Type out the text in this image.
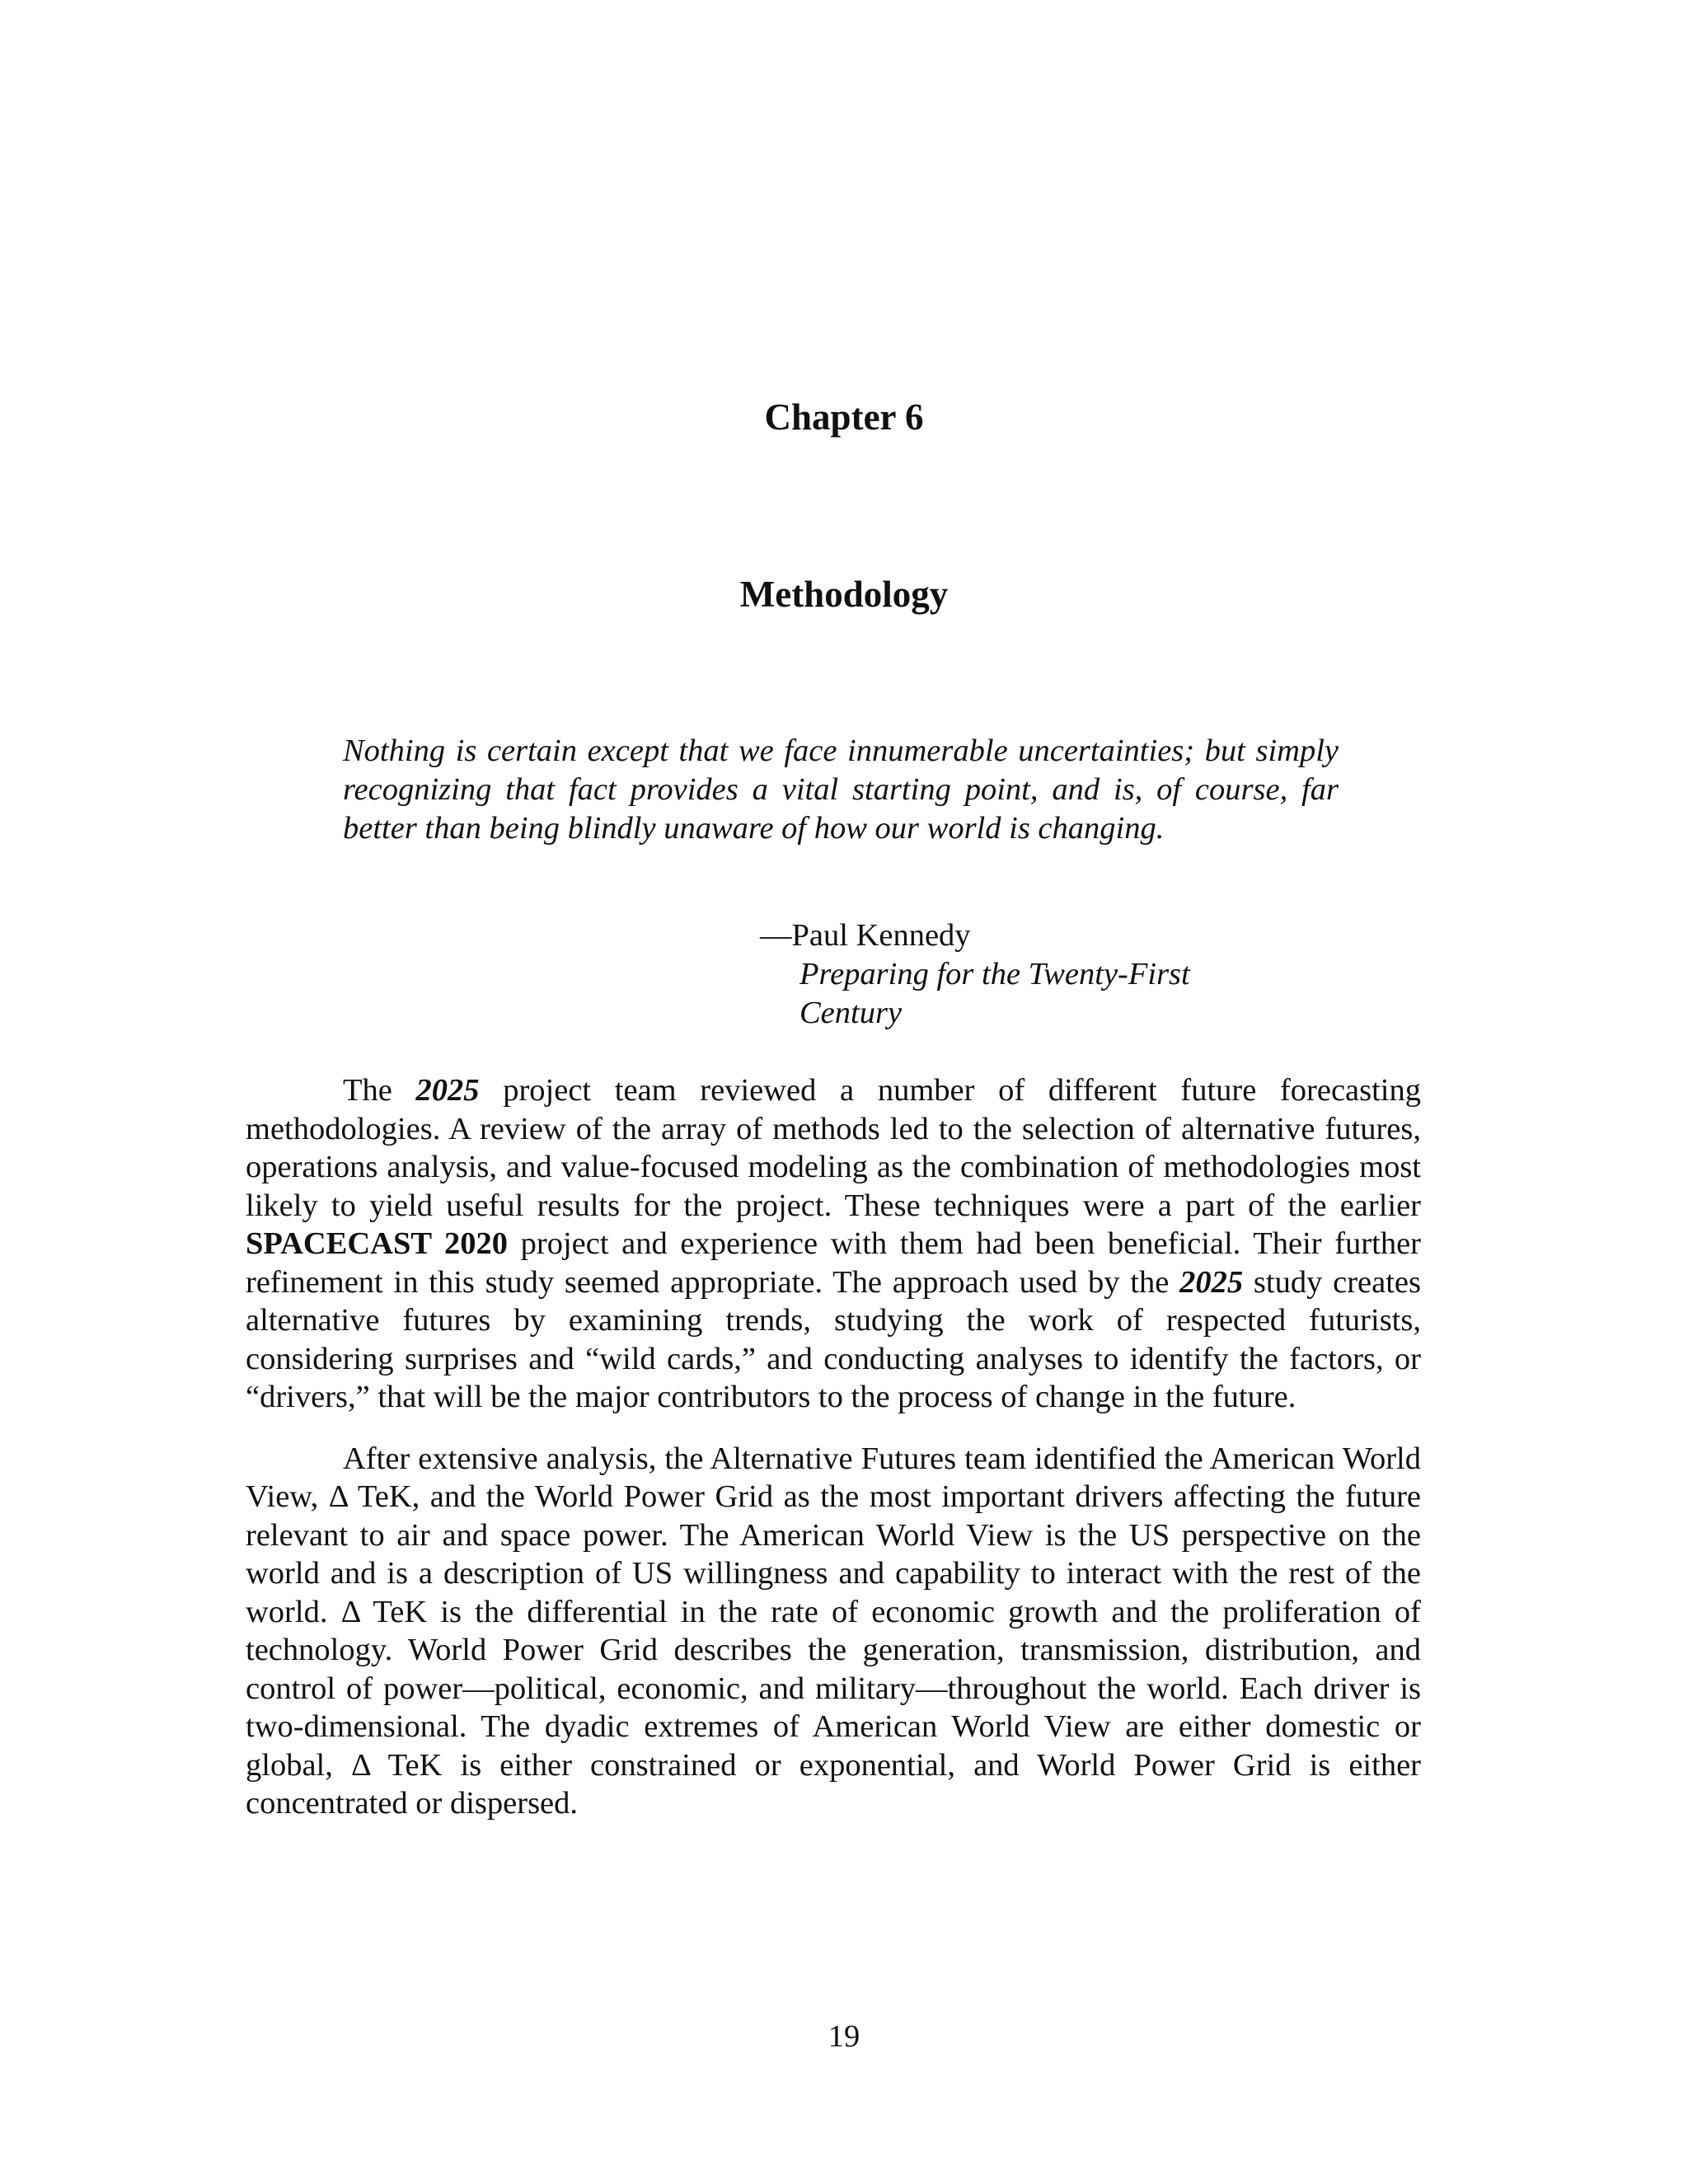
Chapter 6
Methodology

Nothing is certain except that we face innumerable uncertainties; but simply recognizing that fact provides a vital starting point, and is, of course, far better than being blindly unaware of how our world is changing.

—Paul Kennedy
Preparing for the Twenty-First Century

The 2025 project team reviewed a number of different future forecasting methodologies. A review of the array of methods led to the selection of alternative futures, operations analysis, and value-focused modeling as the combination of methodologies most likely to yield useful results for the project. These techniques were a part of the earlier SPACECAST 2020 project and experience with them had been beneficial. Their further refinement in this study seemed appropriate. The approach used by the 2025 study creates alternative futures by examining trends, studying the work of respected futurists, considering surprises and “wild cards,” and conducting analyses to identify the factors, or “drivers,” that will be the major contributors to the process of change in the future.

After extensive analysis, the Alternative Futures team identified the American World View, Δ TeK, and the World Power Grid as the most important drivers affecting the future relevant to air and space power. The American World View is the US perspective on the world and is a description of US willingness and capability to interact with the rest of the world. Δ TeK is the differential in the rate of economic growth and the proliferation of technology. World Power Grid describes the generation, transmission, distribution, and control of power—political, economic, and military—throughout the world. Each driver is two-dimensional. The dyadic extremes of American World View are either domestic or global, Δ TeK is either constrained or exponential, and World Power Grid is either concentrated or dispersed.

19
